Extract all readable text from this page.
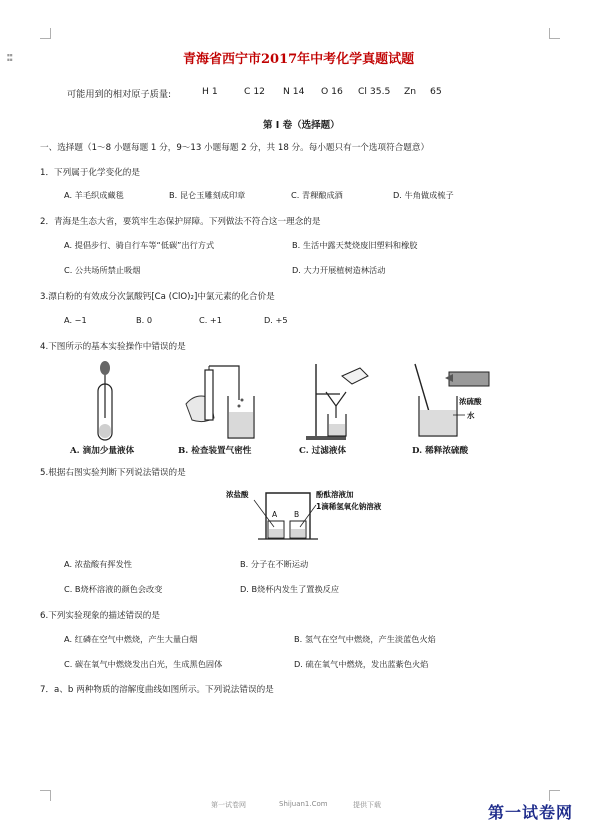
::	青海省西宁市2017年中考化学真题试题
可能用到的相对原子质量:	H 1	C 12 N 14 O 16 Cl 35.5 Zn 65
第 I 卷（选择题）
一、选择题（1～8 小题每题 1 分，9～13 小题每题 2 分，共 18 分。每小题只有一个选项符合题意）
1．下列属于化学变化的是
A. 羊毛织成藏毯	B. 昆仑玉雕刻成印章	C. 青稞酿成酒	D. 牛角做成梳子
2．青海是生态大省，要筑牢生态保护屏障。下列做法不符合这一理念的是
A. 提倡步行、骑自行车等“低碳”出行方式	B. 生活中露天焚烧废旧塑料和橡胶
C. 公共场所禁止吸烟	D. 大力开展植树造林活动
3.漂白粉的有效成分次氯酸钙[Ca (ClO)₂]中氯元素的化合价是
A. −1	B. 0	C. +1	D. +5
4.下图所示的基本实验操作中错误的是
A. 滴加少量液体	B. 检查装置气密性	C. 过滤液体
浓硫酸
水
D. 稀释浓硫酸
5.根据右图实验判断下列说法错误的是
A B
浓盐酸	酚酞溶液加
1滴稀氢氧化钠溶液
A. 浓盐酸有挥发性	B. 分子在不断运动
C. B烧杯溶液的颜色会改变	D. B烧杯内发生了置换反应
6.下列实验现象的描述错误的是
A. 红磷在空气中燃烧，产生大量白烟	B. 氢气在空气中燃烧，产生淡蓝色火焰
C. 碳在氧气中燃烧发出白光，生成黑色固体	D. 硫在氧气中燃烧，发出蓝紫色火焰
7．a、b 两种物质的溶解度曲线如图所示。下列说法错误的是
第一试卷网	Shijuan1.Com	提供下载	第一试卷网
